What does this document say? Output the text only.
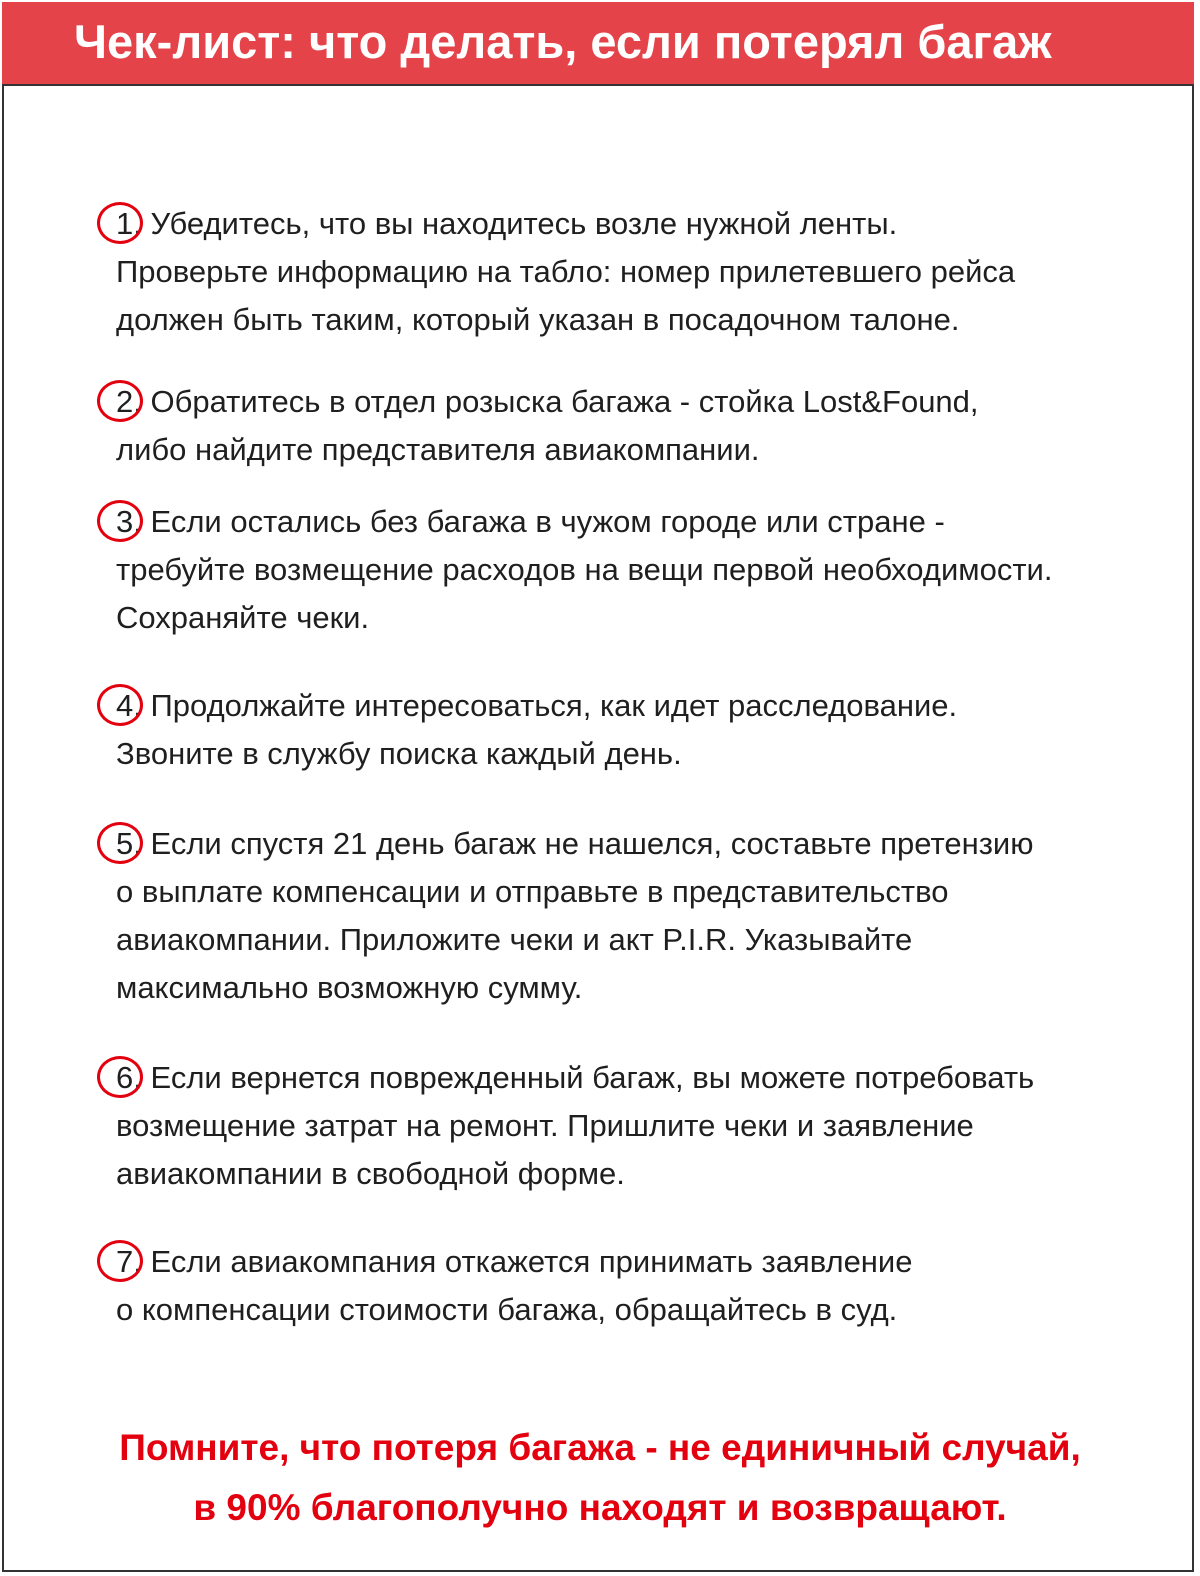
Чек-лист: что делать, если потерял багаж
1. Убедитесь, что вы находитесь возле нужной ленты.
Проверьте информацию на табло: номер прилетевшего рейса
должен быть таким, который указан в посадочном талоне.
2. Обратитесь в отдел розыска багажа - стойка Lost&Found,
либо найдите представителя авиакомпании.
3. Если остались без багажа в чужом городе или стране -
требуйте возмещение расходов на вещи первой необходимости.
Сохраняйте чеки.
4. Продолжайте интересоваться, как идет расследование.
Звоните в службу поиска каждый день.
5. Если спустя 21 день багаж не нашелся, составьте претензию
о выплате компенсации и отправьте в представительство
авиакомпании. Приложите чеки и акт P.I.R. Указывайте
максимально возможную сумму.
6. Если вернется поврежденный багаж, вы можете потребовать
возмещение затрат на ремонт. Пришлите чеки и заявление
авиакомпании в свободной форме.
7. Если авиакомпания откажется принимать заявление
о компенсации стоимости багажа, обращайтесь в суд.

Помните, что потеря багажа - не единичный случай,

в 90% благополучно находят и возвращают.
